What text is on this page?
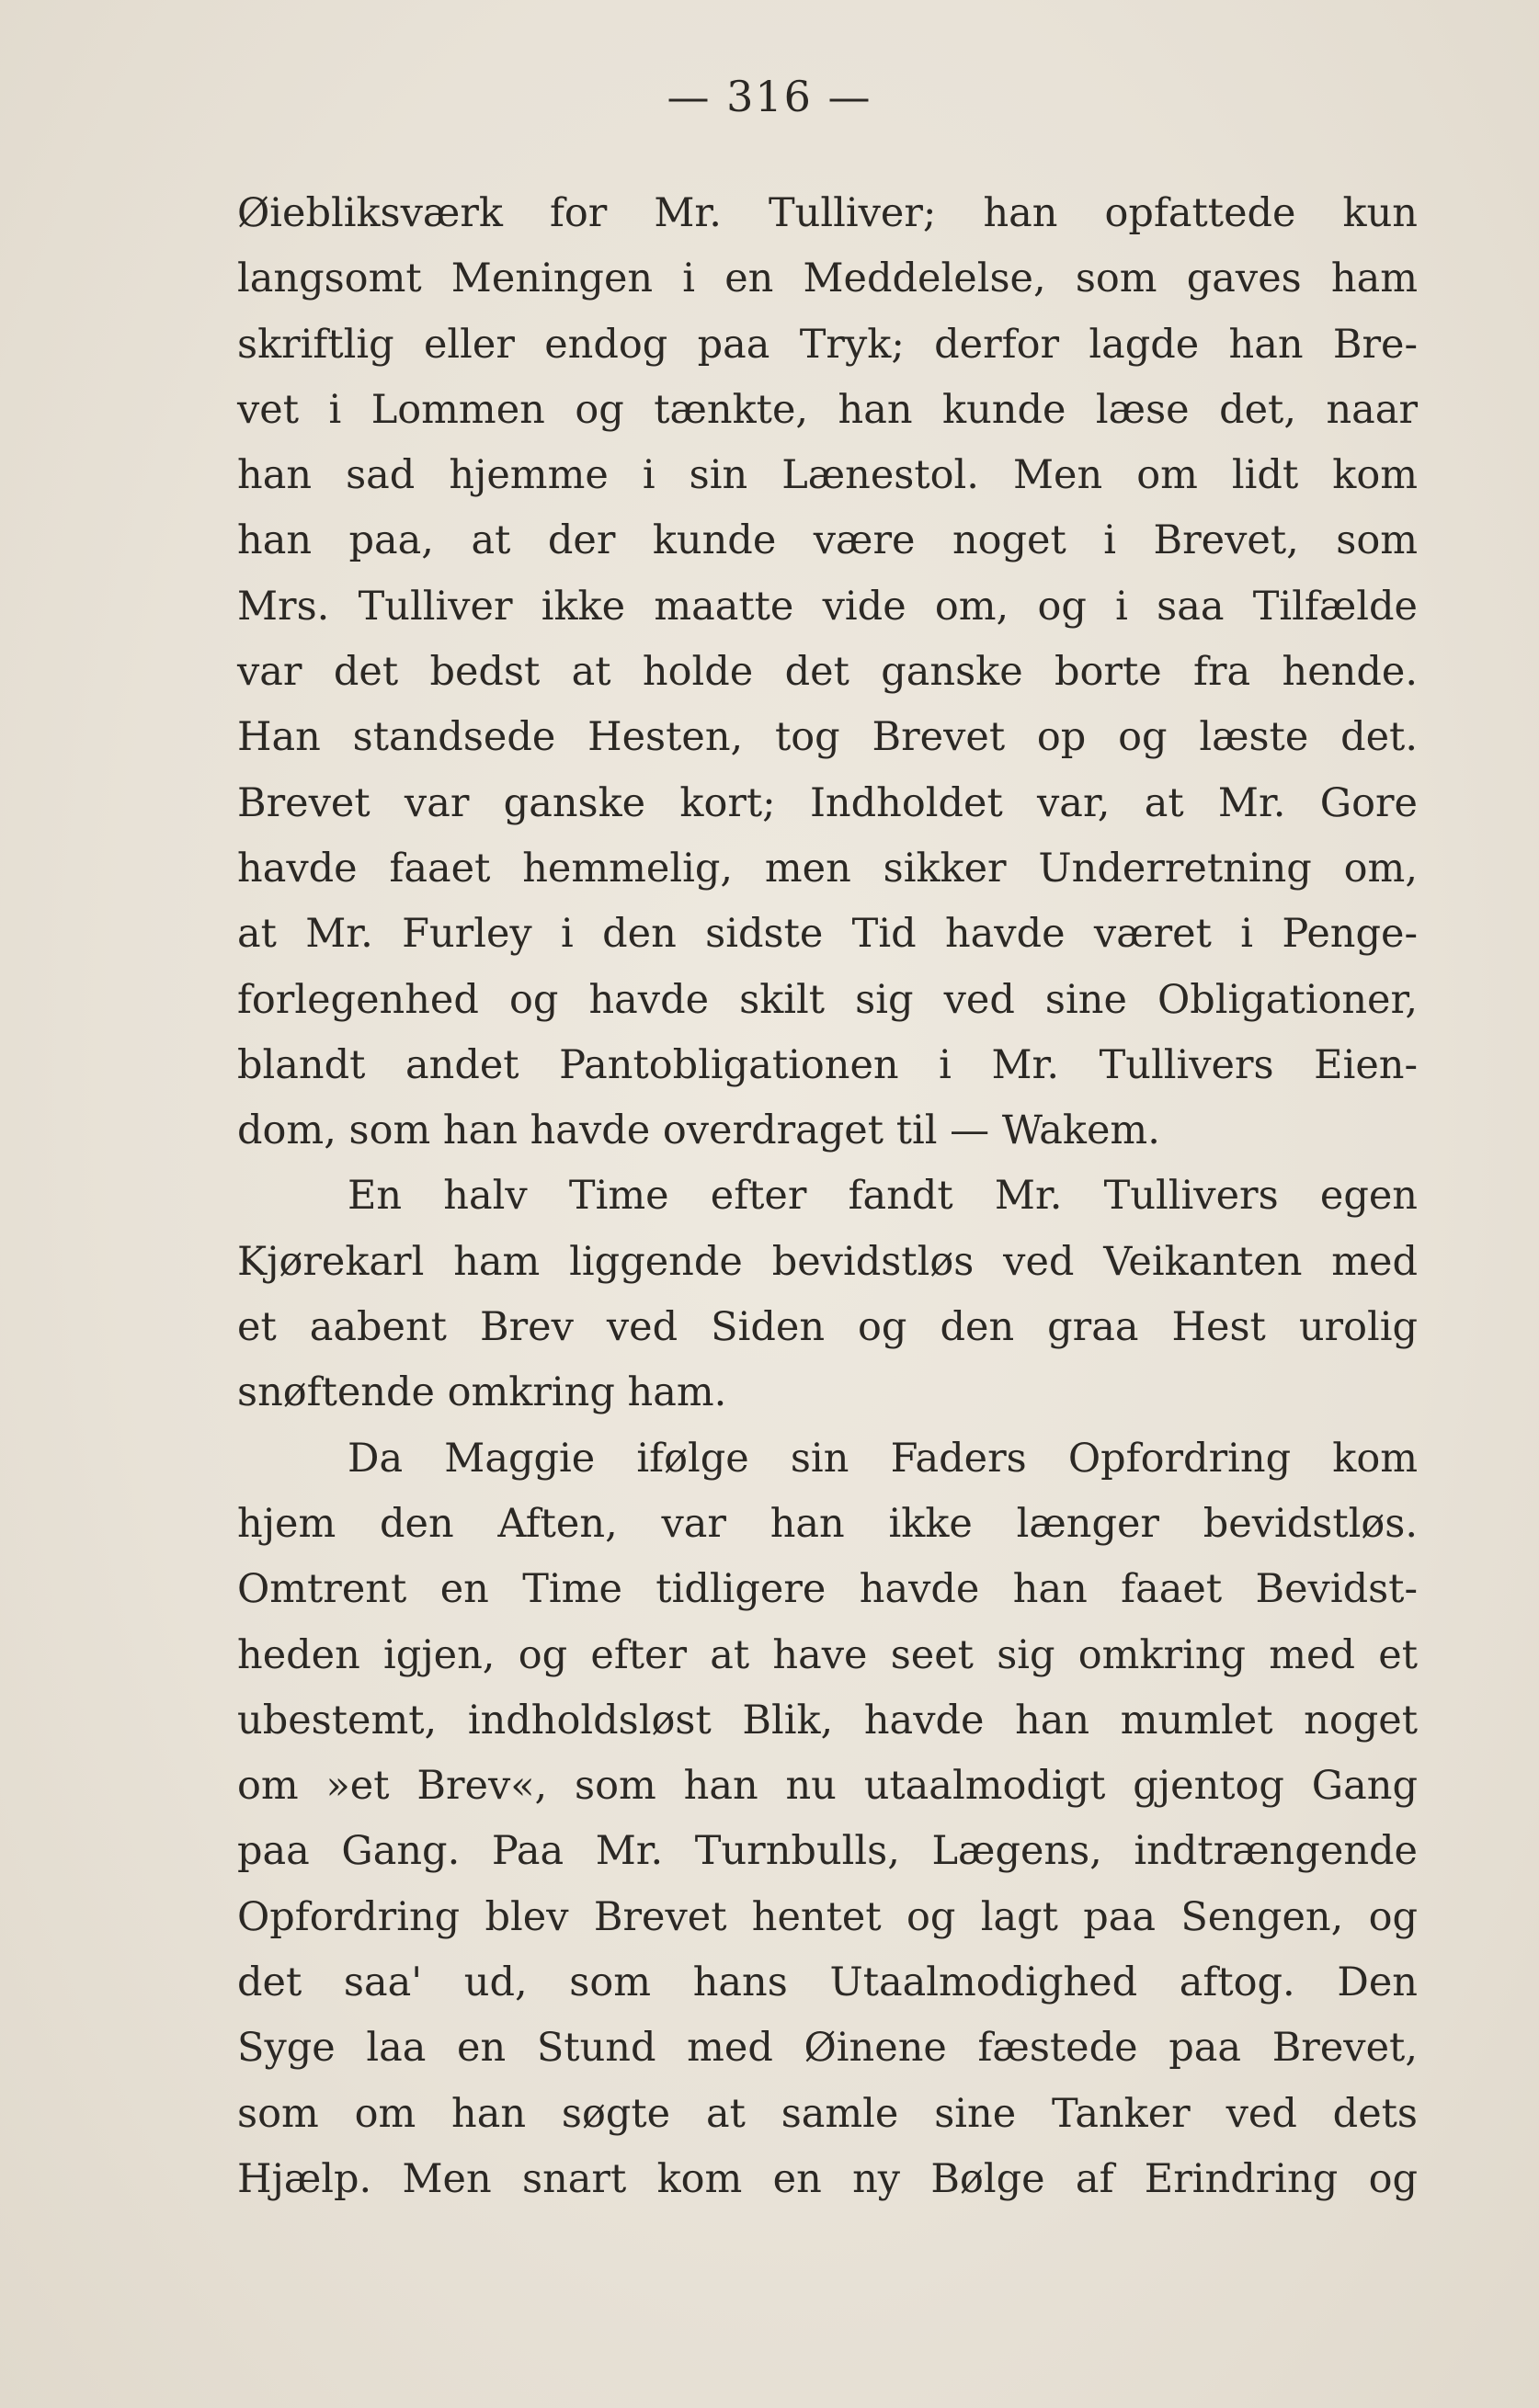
— 316 —
Øiebliksværk for Mr. Tulliver; han opfattede kun
langsomt Meningen i en Meddelelse, som gaves ham
skriftlig eller endog paa Tryk; derfor lagde han Bre-
vet i Lommen og tænkte, han kunde læse det, naar
han sad hjemme i sin Lænestol. Men om lidt kom
han paa, at der kunde være noget i Brevet, som
Mrs. Tulliver ikke maatte vide om, og i saa Tilfælde
var det bedst at holde det ganske borte fra hende.
Han standsede Hesten, tog Brevet op og læste det.
Brevet var ganske kort; Indholdet var, at Mr. Gore
havde faaet hemmelig, men sikker Underretning om,
at Mr. Furley i den sidste Tid havde været i Penge-
forlegenhed og havde skilt sig ved sine Obligationer,
blandt andet Pantobligationen i Mr. Tullivers Eien-
dom, som han havde overdraget til — Wakem.
En halv Time efter fandt Mr. Tullivers egen
Kjørekarl ham liggende bevidstløs ved Veikanten med
et aabent Brev ved Siden og den graa Hest urolig
snøftende omkring ham.
Da Maggie ifølge sin Faders Opfordring kom
hjem den Aften, var han ikke længer bevidstløs.
Omtrent en Time tidligere havde han faaet Bevidst-
heden igjen, og efter at have seet sig omkring med et
ubestemt, indholdsløst Blik, havde han mumlet noget
om »et Brev«, som han nu utaalmodigt gjentog Gang
paa Gang. Paa Mr. Turnbulls, Lægens, indtrængende
Opfordring blev Brevet hentet og lagt paa Sengen, og
det saa' ud, som hans Utaalmodighed aftog. Den
Syge laa en Stund med Øinene fæstede paa Brevet,
som om han søgte at samle sine Tanker ved dets
Hjælp. Men snart kom en ny Bølge af Erindring og
